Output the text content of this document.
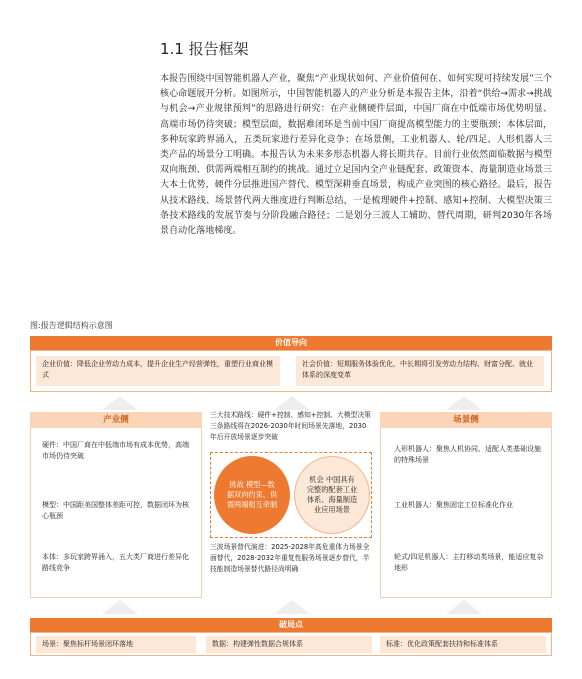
1.1 报告框架
本报告围绕中国智能机器人产业，聚焦“产业现状如何、产业价值何在、如何实现可持续发展”三个核心命题展开分析。如图所示，中国智能机器人的产业分析是本报告主体，沿着“供给→需求→挑战与机会→产业规律预判”的思路进行研究：在产业侧硬件层面，中国厂商在中低端市场优势明显、高端市场仍待突破；模型层面，数据难闭环是当前中国厂商提高模型能力的主要瓶颈；本体层面，多种玩家跨界涌入，五类玩家进行差异化竞争；在场景侧，工业机器人、轮/四足、人形机器人三类产品的场景分工明确。本报告认为未来多形态机器人将长期共存。目前行业依然面临数据与模型双向瓶颈、供需两端相互制约的挑战。通过立足国内全产业链配套、政策资本、海量制造业场景三大本土优势，硬件分层推进国产替代、模型深耕垂直场景，构成产业突围的核心路径。最后，报告从技术路线、场景替代两大维度进行判断总结，一是梳理硬件+控制、感知+控制、大模型决策三条技术路线的发展节奏与分阶段融合路径；二是划分三波人工辅助、替代周期，研判2030年各场景自动化落地梯度。
图:报告逻辑结构示意图
价值导向
企业价值：降低企业劳动力成本，提升企业生产经营弹性，重塑行业商业模式
社会价值：短期服务体验优化，中长期将引发劳动力结构、财富分配、就业体系的深度变革
产业侧
硬件：中国厂商在中低端市场有成本优势，高端市场仍待突破
模型：中国距美国整体差距可控，数据闭环为核心瓶颈
本体：多玩家跨界涌入，五大类厂商进行差异化路线竞争
三大技术路线：硬件+控制、感知+控制、大模型决策三条路线将在2026-2030年时间场景先落地，2030年后开放场景逐步突破
挑战 模型—数据双向约束、供需两端相互牵制
机会 中国具有完整的配套工业体系、海量制造业应用场景
三波场景替代演进：2025-2028年高危重体力场景全面替代，2028-2032年重复性服务场景逐步替代，半技能制造场景替代路径尚明确
场景侧
人形机器人：聚焦人机协同、适配人类基础设施的特殊场景
工业机器人：聚焦固定工位标准化作业
轮式/四足机器人：主打移动类场景，能适应复杂地形
破局点
场景：聚焦标杆场景闭环落地	数据：构建弹性数据合规体系	标准：优化政策配套扶持和标准体系
